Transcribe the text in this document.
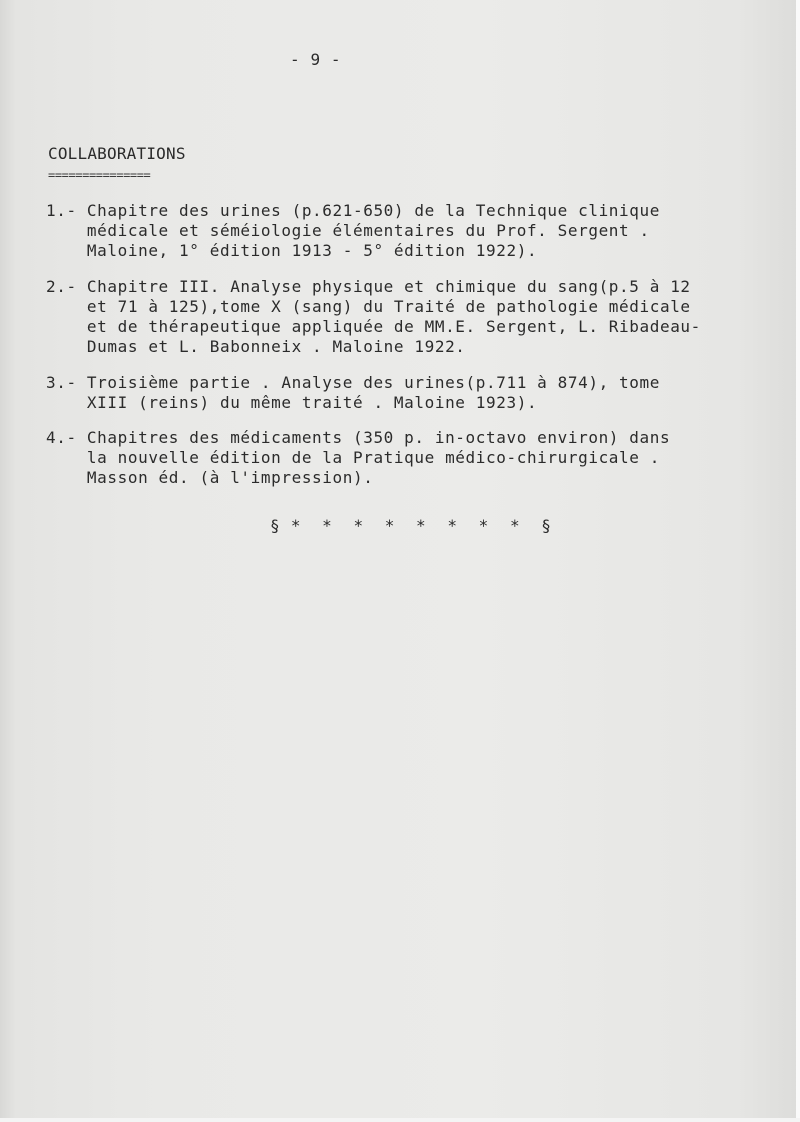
- 9 -
COLLABORATIONS
===============
1.- Chapitre des urines (p.621-650) de la Technique clinique
médicale et séméiologie élémentaires du Prof. Sergent .
Maloine, 1° édition 1913 - 5° édition 1922).
2.- Chapitre III. Analyse physique et chimique du sang(p.5 à 12
et 71 à 125),tome X (sang) du Traité de pathologie médicale
et de thérapeutique appliquée de MM.E. Sergent, L. Ribadeau-
Dumas et L. Babonneix . Maloine 1922.
3.- Troisième partie . Analyse des urines(p.711 à 874), tome
XIII (reins) du même traité . Maloine 1923).
4.- Chapitres des médicaments (350 p. in-octavo environ) dans
la nouvelle édition de la Pratique médico-chirurgicale .
Masson éd. (à l'impression).
§ *  *  *  *  *  *  *  *  §
